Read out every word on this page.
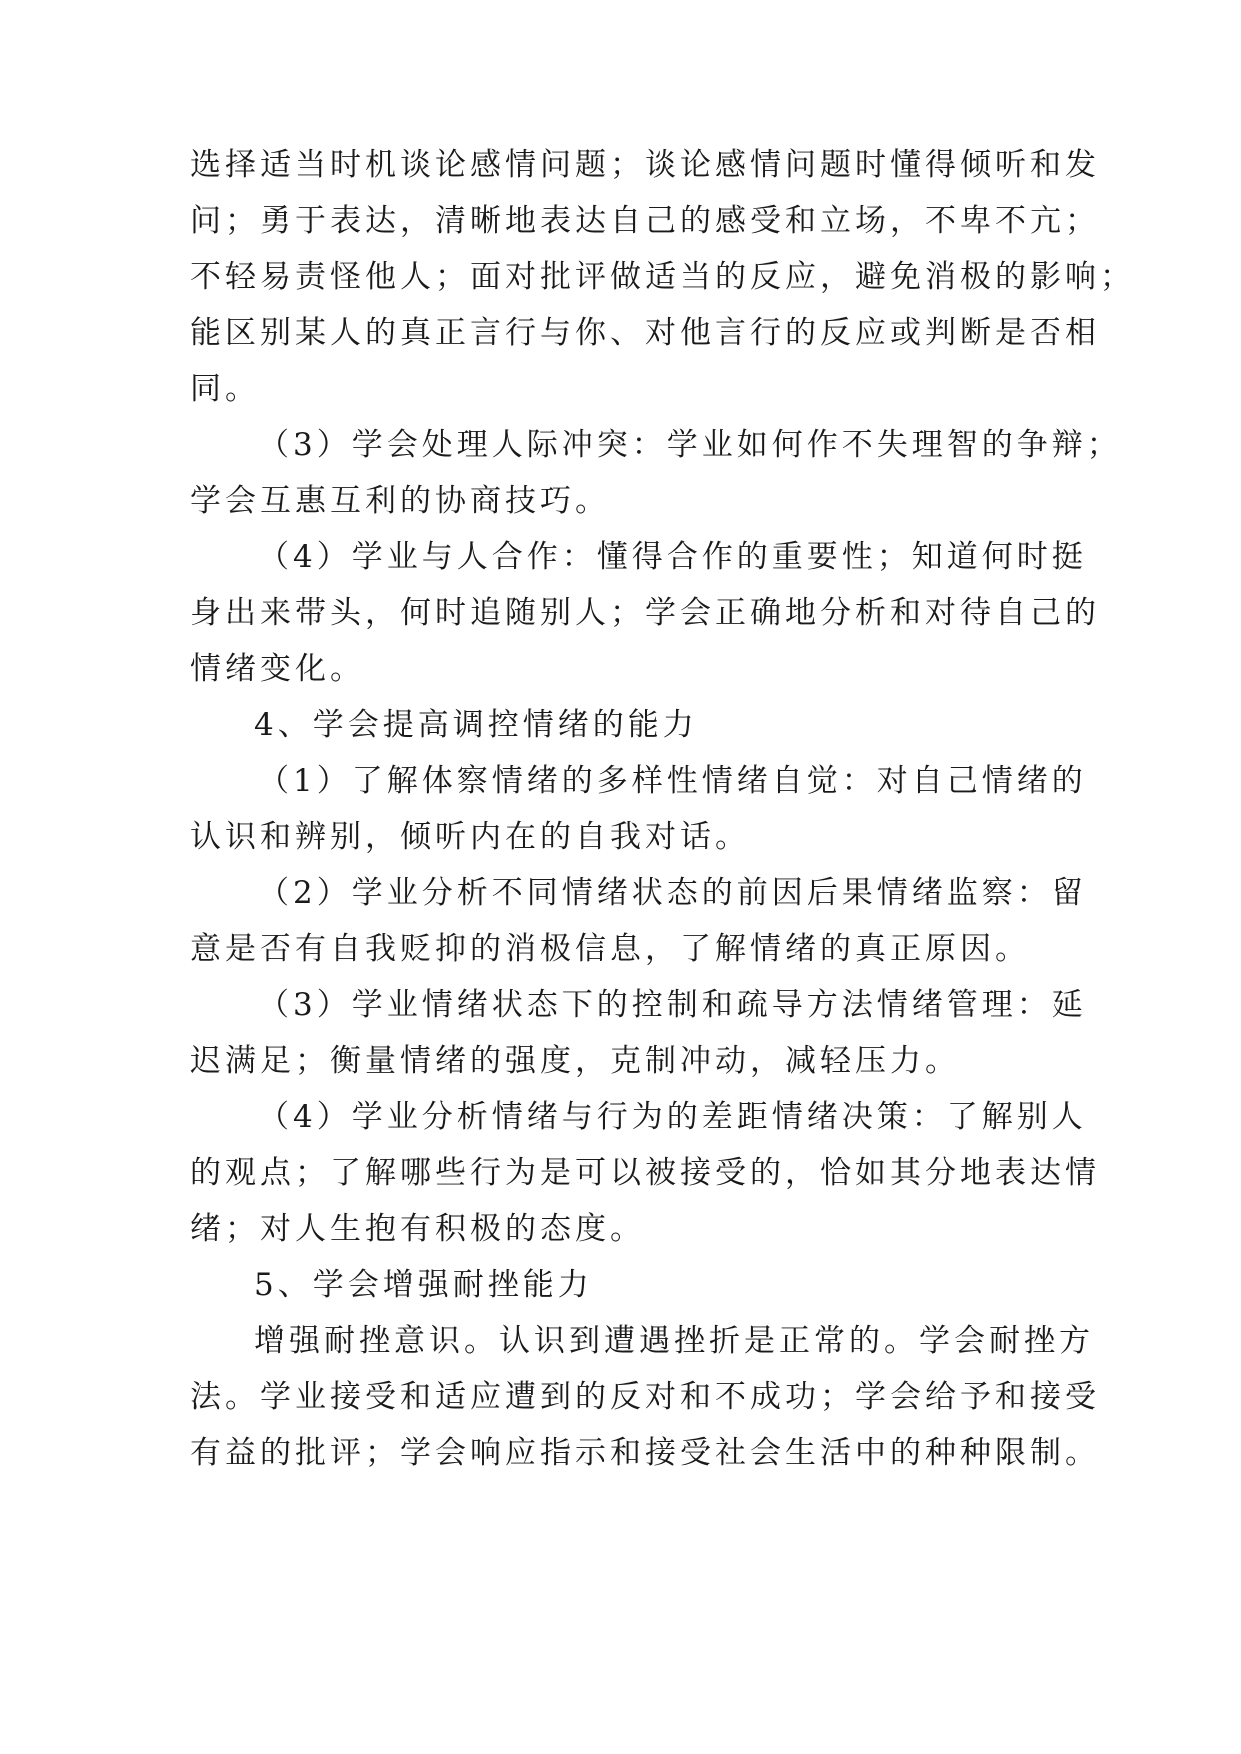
选择适当时机谈论感情问题；谈论感情问题时懂得倾听和发

问；勇于表达，清晰地表达自己的感受和立场，不卑不亢；

不轻易责怪他人；面对批评做适当的反应，避免消极的影响；

能区别某人的真正言行与你、对他言行的反应或判断是否相

同。

（3）学会处理人际冲突：学业如何作不失理智的争辩；

学会互惠互利的协商技巧。

（4）学业与人合作：懂得合作的重要性；知道何时挺

身出来带头，何时追随别人；学会正确地分析和对待自己的

情绪变化。

4、学会提高调控情绪的能力

（1）了解体察情绪的多样性情绪自觉：对自己情绪的

认识和辨别，倾听内在的自我对话。

（2）学业分析不同情绪状态的前因后果情绪监察：留

意是否有自我贬抑的消极信息，了解情绪的真正原因。

（3）学业情绪状态下的控制和疏导方法情绪管理：延

迟满足；衡量情绪的强度，克制冲动，减轻压力。

（4）学业分析情绪与行为的差距情绪决策：了解别人

的观点；了解哪些行为是可以被接受的，恰如其分地表达情

绪；对人生抱有积极的态度。

5、学会增强耐挫能力

增强耐挫意识。认识到遭遇挫折是正常的。学会耐挫方

法。学业接受和适应遭到的反对和不成功；学会给予和接受

有益的批评；学会响应指示和接受社会生活中的种种限制。
